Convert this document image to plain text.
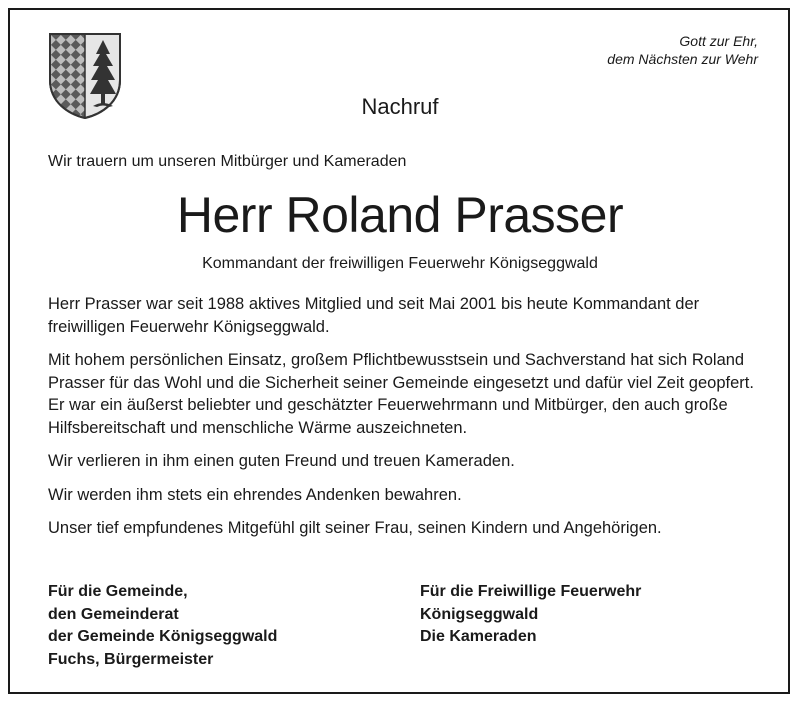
Gott zur Ehr,
dem Nächsten zur Wehr
Nachruf
Wir trauern um unseren Mitbürger und Kameraden
Herr Roland Prasser
Kommandant der freiwilligen Feuerwehr Königseggwald

Herr Prasser war seit 1988 aktives Mitglied und seit Mai 2001 bis heute Kommandant der freiwilligen Feuerwehr Königseggwald.

Mit hohem persönlichen Einsatz, großem Pflichtbewusstsein und Sachverstand hat sich Roland Prasser für das Wohl und die Sicherheit seiner Gemeinde eingesetzt und dafür viel Zeit geopfert. Er war ein äußerst beliebter und geschätzter Feuerwehrmann und Mitbürger, den auch große Hilfsbereitschaft und menschliche Wärme auszeichneten.

Wir verlieren in ihm einen guten Freund und treuen Kameraden.

Wir werden ihm stets ein ehrendes Andenken bewahren.

Unser tief empfundenes Mitgefühl gilt seiner Frau, seinen Kindern und Angehörigen.

Für die Gemeinde,
den Gemeinderat
der Gemeinde Königseggwald
Fuchs, Bürgermeister
Für die Freiwillige Feuerwehr
Königseggwald
Die Kameraden
